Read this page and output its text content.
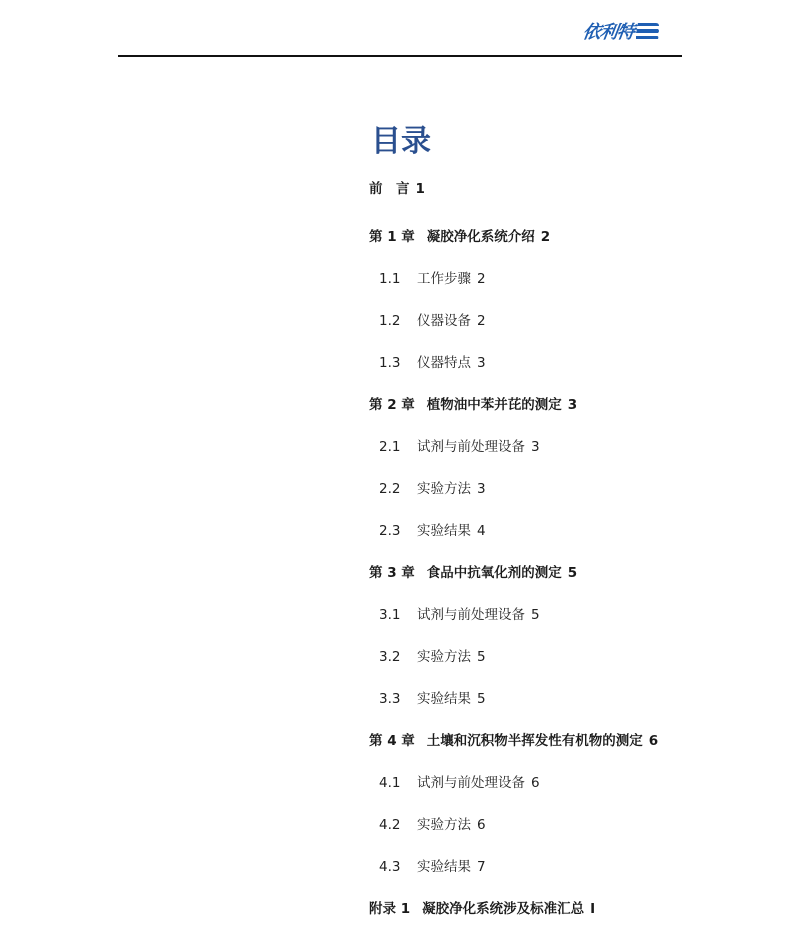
依利特
目录
前　言 1
第 1 章 凝胶净化系统介绍 2
1.1 工作步骤 2
1.2 仪器设备 2
1.3 仪器特点 3
第 2 章 植物油中苯并芘的测定 3
2.1 试剂与前处理设备 3
2.2 实验方法 3
2.3 实验结果 4
第 3 章 食品中抗氧化剂的测定 5
3.1 试剂与前处理设备 5
3.2 实验方法 5
3.3 实验结果 5
第 4 章 土壤和沉积物半挥发性有机物的测定 6
4.1 试剂与前处理设备 6
4.2 实验方法 6
4.3 实验结果 7
附录 1 凝胶净化系统涉及标准汇总 I
